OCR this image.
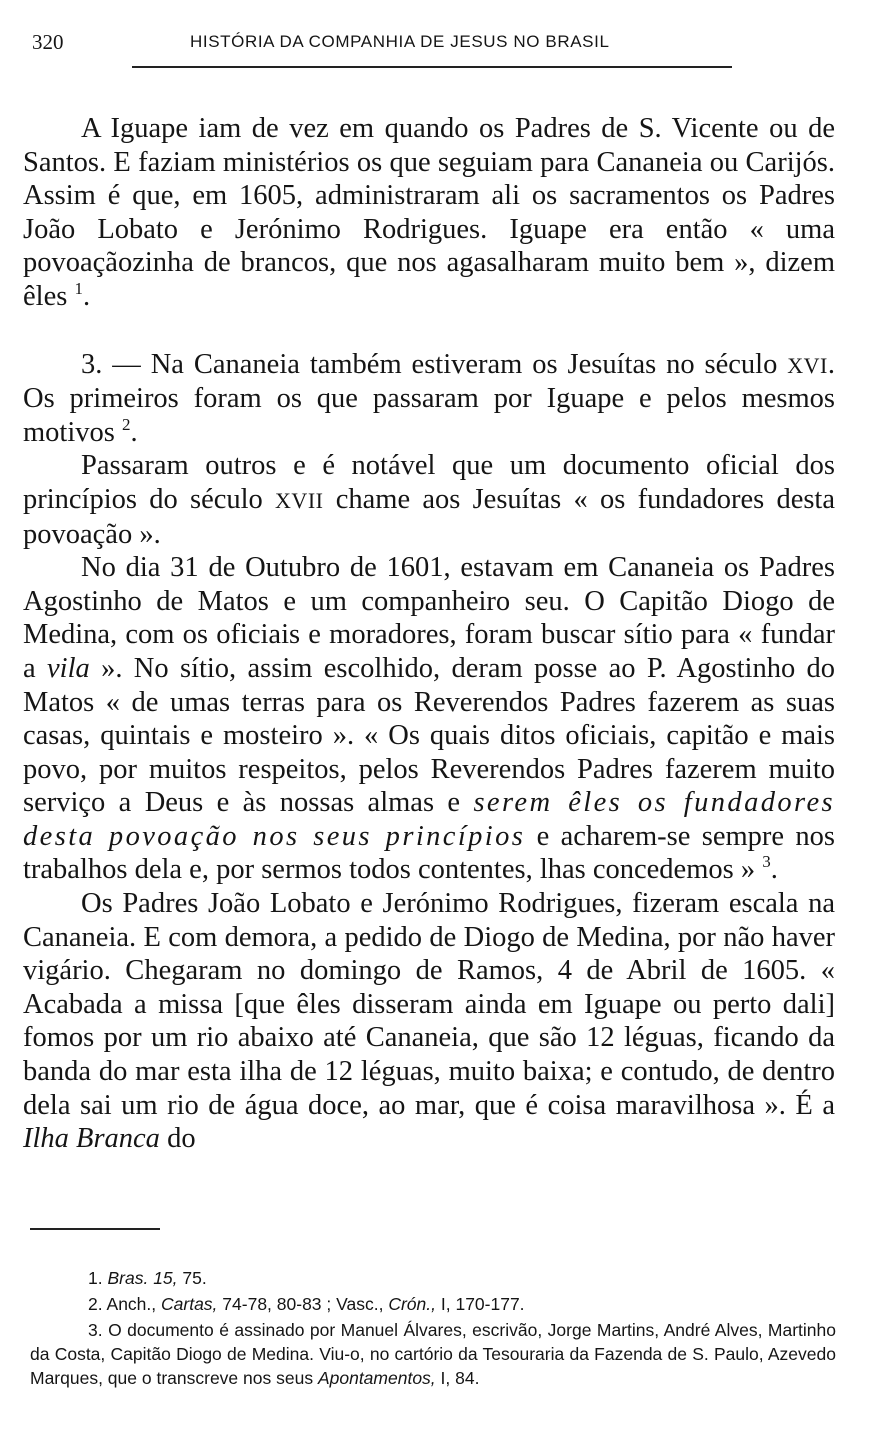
320	HISTÓRIA DA COMPANHIA DE JESUS NO BRASIL

A Iguape iam de vez em quando os Padres de S. Vicente ou de Santos. E faziam ministérios os que seguiam para Cananeia ou Carijós. Assim é que, em 1605, administraram ali os sacramentos os Padres João Lobato e Jerónimo Rodrigues. Iguape era então « uma povoaçãozinha de brancos, que nos agasalharam muito bem », dizem êles $^1$.

3. — Na Cananeia também estiveram os Jesuítas no século XVI. Os primeiros foram os que passaram por Iguape e pelos mesmos motivos $^2$.

Passaram outros e é notável que um documento oficial dos princípios do século XVII chame aos Jesuítas « os fundadores desta povoação ».

No dia 31 de Outubro de 1601, estavam em Cananeia os Padres Agostinho de Matos e um companheiro seu. O Capitão Diogo de Medina, com os oficiais e moradores, foram buscar sítio para « fundar a vila ». No sítio, assim escolhido, deram posse ao P. Agostinho do Matos « de umas terras para os Reverendos Padres fazerem as suas casas, quintais e mosteiro ». « Os quais ditos oficiais, capitão e mais povo, por muitos respeitos, pelos Reverendos Padres fazerem muito serviço a Deus e às nossas almas e serem êles os fundadores desta povoação nos seus princípios e acharem-se sempre nos trabalhos dela e, por sermos todos contentes, lhas concedemos » $^3$.

Os Padres João Lobato e Jerónimo Rodrigues, fizeram escala na Cananeia. E com demora, a pedido de Diogo de Medina, por não haver vigário. Chegaram no domingo de Ramos, 4 de Abril de 1605. « Acabada a missa [que êles disseram ainda em Iguape ou perto dali] fomos por um rio abaixo até Cananeia, que são 12 léguas, ficando da banda do mar esta ilha de 12 léguas, muito baixa; e contudo, de dentro dela sai um rio de água doce, ao mar, que é coisa maravilhosa ». É a Ilha Branca do

1. Bras. 15, 75.

2. Anch., Cartas, 74-78, 80-83 ; Vasc., Crón., I, 170-177.

3. O documento é assinado por Manuel Álvares, escrivão, Jorge Martins, André Alves, Martinho da Costa, Capitão Diogo de Medina. Viu-o, no cartório da Tesouraria da Fazenda de S. Paulo, Azevedo Marques, que o transcreve nos seus Apontamentos, I, 84.
